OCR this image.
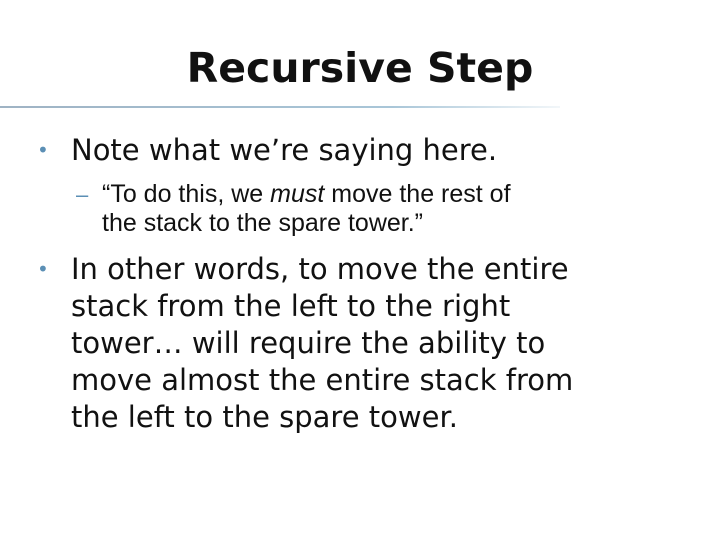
Recursive Step
• Note what we’re saying here.
– “To do this, we must move the rest of
the stack to the spare tower.”
• In other words, to move the entire
stack from the left to the right
tower… will require the ability to
move almost the entire stack from
the left to the spare tower.
